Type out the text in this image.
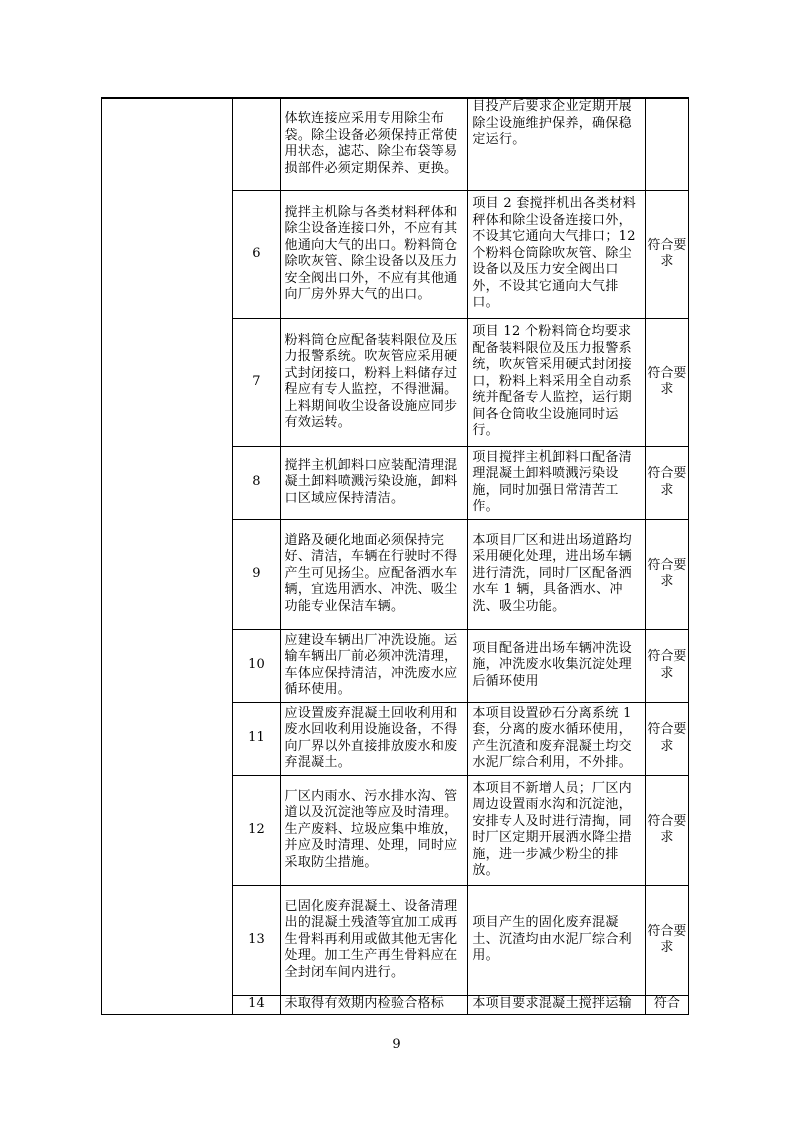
		体软连接应采用专用除尘布袋。除尘设备必须保持正常使用状态，滤芯、除尘布袋等易损部件必须定期保养、更换。	目投产后要求企业定期开展除尘设施维护保养，确保稳定运行。	

	6	搅拌主机除与各类材料秤体和除尘设备连接口外，不应有其他通向大气的出口。粉料筒仓除吹灰管、除尘设备以及压力安全阀出口外，不应有其他通向厂房外界大气的出口。	项目 2 套搅拌机出各类材料秤体和除尘设备连接口外，不设其它通向大气排口；12个粉料仓筒除吹灰管、除尘设备以及压力安全阀出口外，不设其它通向大气排口。	符合要求

	7	粉料筒仓应配备装料限位及压力报警系统。吹灰管应采用硬式封闭接口，粉料上料储存过程应有专人监控，不得泄漏。上料期间收尘设备设施应同步有效运转。	项目 12 个粉料筒仓均要求配备装料限位及压力报警系统，吹灰管采用硬式封闭接口，粉料上料采用全自动系统并配备专人监控，运行期间各仓筒收尘设施同时运行。	符合要求

	8	搅拌主机卸料口应装配清理混凝土卸料喷溅污染设施，卸料口区域应保持清洁。	项目搅拌主机卸料口配备清理混凝土卸料喷溅污染设施，同时加强日常清苦工作。	符合要求

	9	道路及硬化地面必须保持完好、清洁，车辆在行驶时不得产生可见扬尘。应配备洒水车辆，宜选用洒水、冲洗、吸尘功能专业保洁车辆。	本项目厂区和进出场道路均采用硬化处理，进出场车辆进行清洗，同时厂区配备洒水车 1 辆，具备洒水、冲洗、吸尘功能。	符合要求

	10	应建设车辆出厂冲洗设施。运输车辆出厂前必须冲洗清理，车体应保持清洁，冲洗废水应循环使用。	项目配备进出场车辆冲洗设施，冲洗废水收集沉淀处理后循环使用	符合要求

	11	应设置废弃混凝土回收利用和废水回收利用设施设备，不得向厂界以外直接排放废水和废弃混凝土。	本项目设置砂石分离系统 1 套，分离的废水循环使用，产生沉渣和废弃混凝土均交水泥厂综合利用，不外排。	符合要求

	12	厂区内雨水、污水排水沟、管道以及沉淀池等应及时清理。生产废料、垃圾应集中堆放，并应及时清理、处理，同时应采取防尘措施。	本项目不新增人员；厂区内周边设置雨水沟和沉淀池，安排专人及时进行清掏，同时厂区定期开展洒水降尘措施，进一步减少粉尘的排放。	符合要求

	13	已固化废弃混凝土、设备清理出的混凝土残渣等宜加工成再生骨料再利用或做其他无害化处理。加工生产再生骨料应在全封闭车间内进行。	项目产生的固化废弃混凝土、沉渣均由水泥厂综合利用。	符合要求

	14	未取得有效期内检验合格标	本项目要求混凝土搅拌运输	符合
9
